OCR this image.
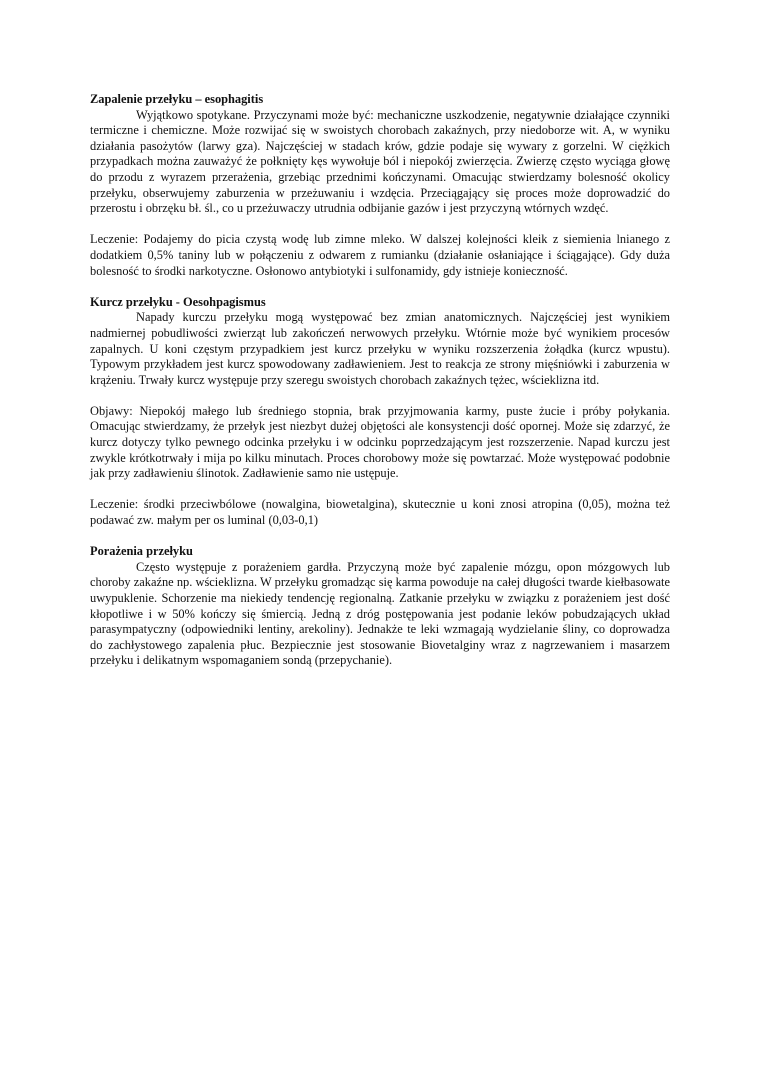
Zapalenie przełyku – esophagitis

Wyjątkowo spotykane. Przyczynami może być: mechaniczne uszkodzenie, negatywnie działające czynniki termiczne i chemiczne. Może rozwijać się w swoistych chorobach zakaźnych, przy niedoborze wit. A, w wyniku działania pasożytów (larwy gza). Najczęściej w stadach krów, gdzie podaje się wywary z gorzelni. W ciężkich przypadkach można zauważyć że połknięty kęs wywołuje ból i niepokój zwierzęcia. Zwierzę często wyciąga głowę do przodu z wyrazem przerażenia, grzebiąc przednimi kończynami. Omacując stwierdzamy bolesność okolicy przełyku, obserwujemy zaburzenia w przeżuwaniu i wzdęcia. Przeciągający się proces może doprowadzić do przerostu i obrzęku bł. śl., co u przeżuwaczy utrudnia odbijanie gazów i jest przyczyną wtórnych wzdęć.

Leczenie: Podajemy do picia czystą wodę lub zimne mleko. W dalszej kolejności kleik z siemienia lnianego z dodatkiem 0,5% taniny lub w połączeniu z odwarem z rumianku (działanie osłaniające i ściągające). Gdy duża bolesność to środki narkotyczne. Osłonowo antybiotyki i sulfonamidy, gdy istnieje konieczność.

Kurcz przełyku - Oesohpagismus

Napady kurczu przełyku mogą występować bez zmian anatomicznych. Najczęściej jest wynikiem nadmiernej pobudliwości zwierząt lub zakończeń nerwowych przełyku. Wtórnie może być wynikiem procesów zapalnych. U koni częstym przypadkiem jest kurcz przełyku w wyniku rozszerzenia żołądka (kurcz wpustu). Typowym przykładem jest kurcz spowodowany zadławieniem. Jest to reakcja ze strony mięśniówki i zaburzenia w krążeniu. Trwały kurcz występuje przy szeregu swoistych chorobach zakaźnych tężec, wścieklizna itd.

Objawy: Niepokój małego lub średniego stopnia, brak przyjmowania karmy, puste żucie i próby połykania. Omacując stwierdzamy, że przełyk jest niezbyt dużej objętości ale konsystencji dość opornej. Może się zdarzyć, że kurcz dotyczy tylko pewnego odcinka przełyku i w odcinku poprzedzającym jest rozszerzenie. Napad kurczu jest zwykle krótkotrwały i mija po kilku minutach. Proces chorobowy może się powtarzać. Może występować podobnie jak przy zadławieniu ślinotok. Zadławienie samo nie ustępuje.

Leczenie: środki przeciwbólowe (nowalgina, biowetalgina), skutecznie u koni znosi atropina (0,05), można też podawać zw. małym per os luminal (0,03-0,1)

Porażenia przełyku

Często występuje z porażeniem gardła. Przyczyną może być zapalenie mózgu, opon mózgowych lub choroby zakaźne np. wścieklizna. W przełyku gromadząc się karma powoduje na całej długości twarde kiełbasowate uwypuklenie. Schorzenie ma niekiedy tendencję regionalną. Zatkanie przełyku w związku z porażeniem jest dość kłopotliwe i w 50% kończy się śmiercią. Jedną z dróg postępowania jest podanie leków pobudzających układ parasympatyczny (odpowiedniki lentiny, arekoliny). Jednakże te leki wzmagają wydzielanie śliny, co doprowadza do zachłystowego zapalenia płuc. Bezpiecznie jest stosowanie Biovetalginy wraz z nagrzewaniem i masarzem przełyku i delikatnym wspomaganiem sondą (przepychanie).
